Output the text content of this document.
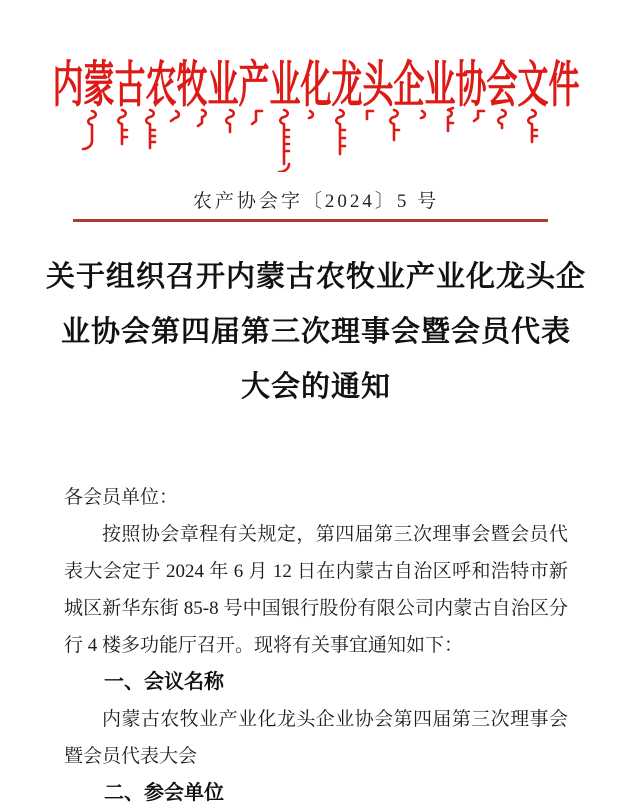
内蒙古农牧业产业化龙头企业协会文件
农产协会字〔2024〕5 号
关于组织召开内蒙古农牧业产业化龙头企
业协会第四届第三次理事会暨会员代表
大会的通知

各会员单位：

按照协会章程有关规定，第四届第三次理事会暨会员代表大会定于 2024 年 6 月 12 日在内蒙古自治区呼和浩特市新城区新华东街 85-8 号中国银行股份有限公司内蒙古自治区分行 4 楼多功能厅召开。现将有关事宜通知如下：

一、会议名称

内蒙古农牧业产业化龙头企业协会第四届第三次理事会暨会员代表大会

二、参会单位
